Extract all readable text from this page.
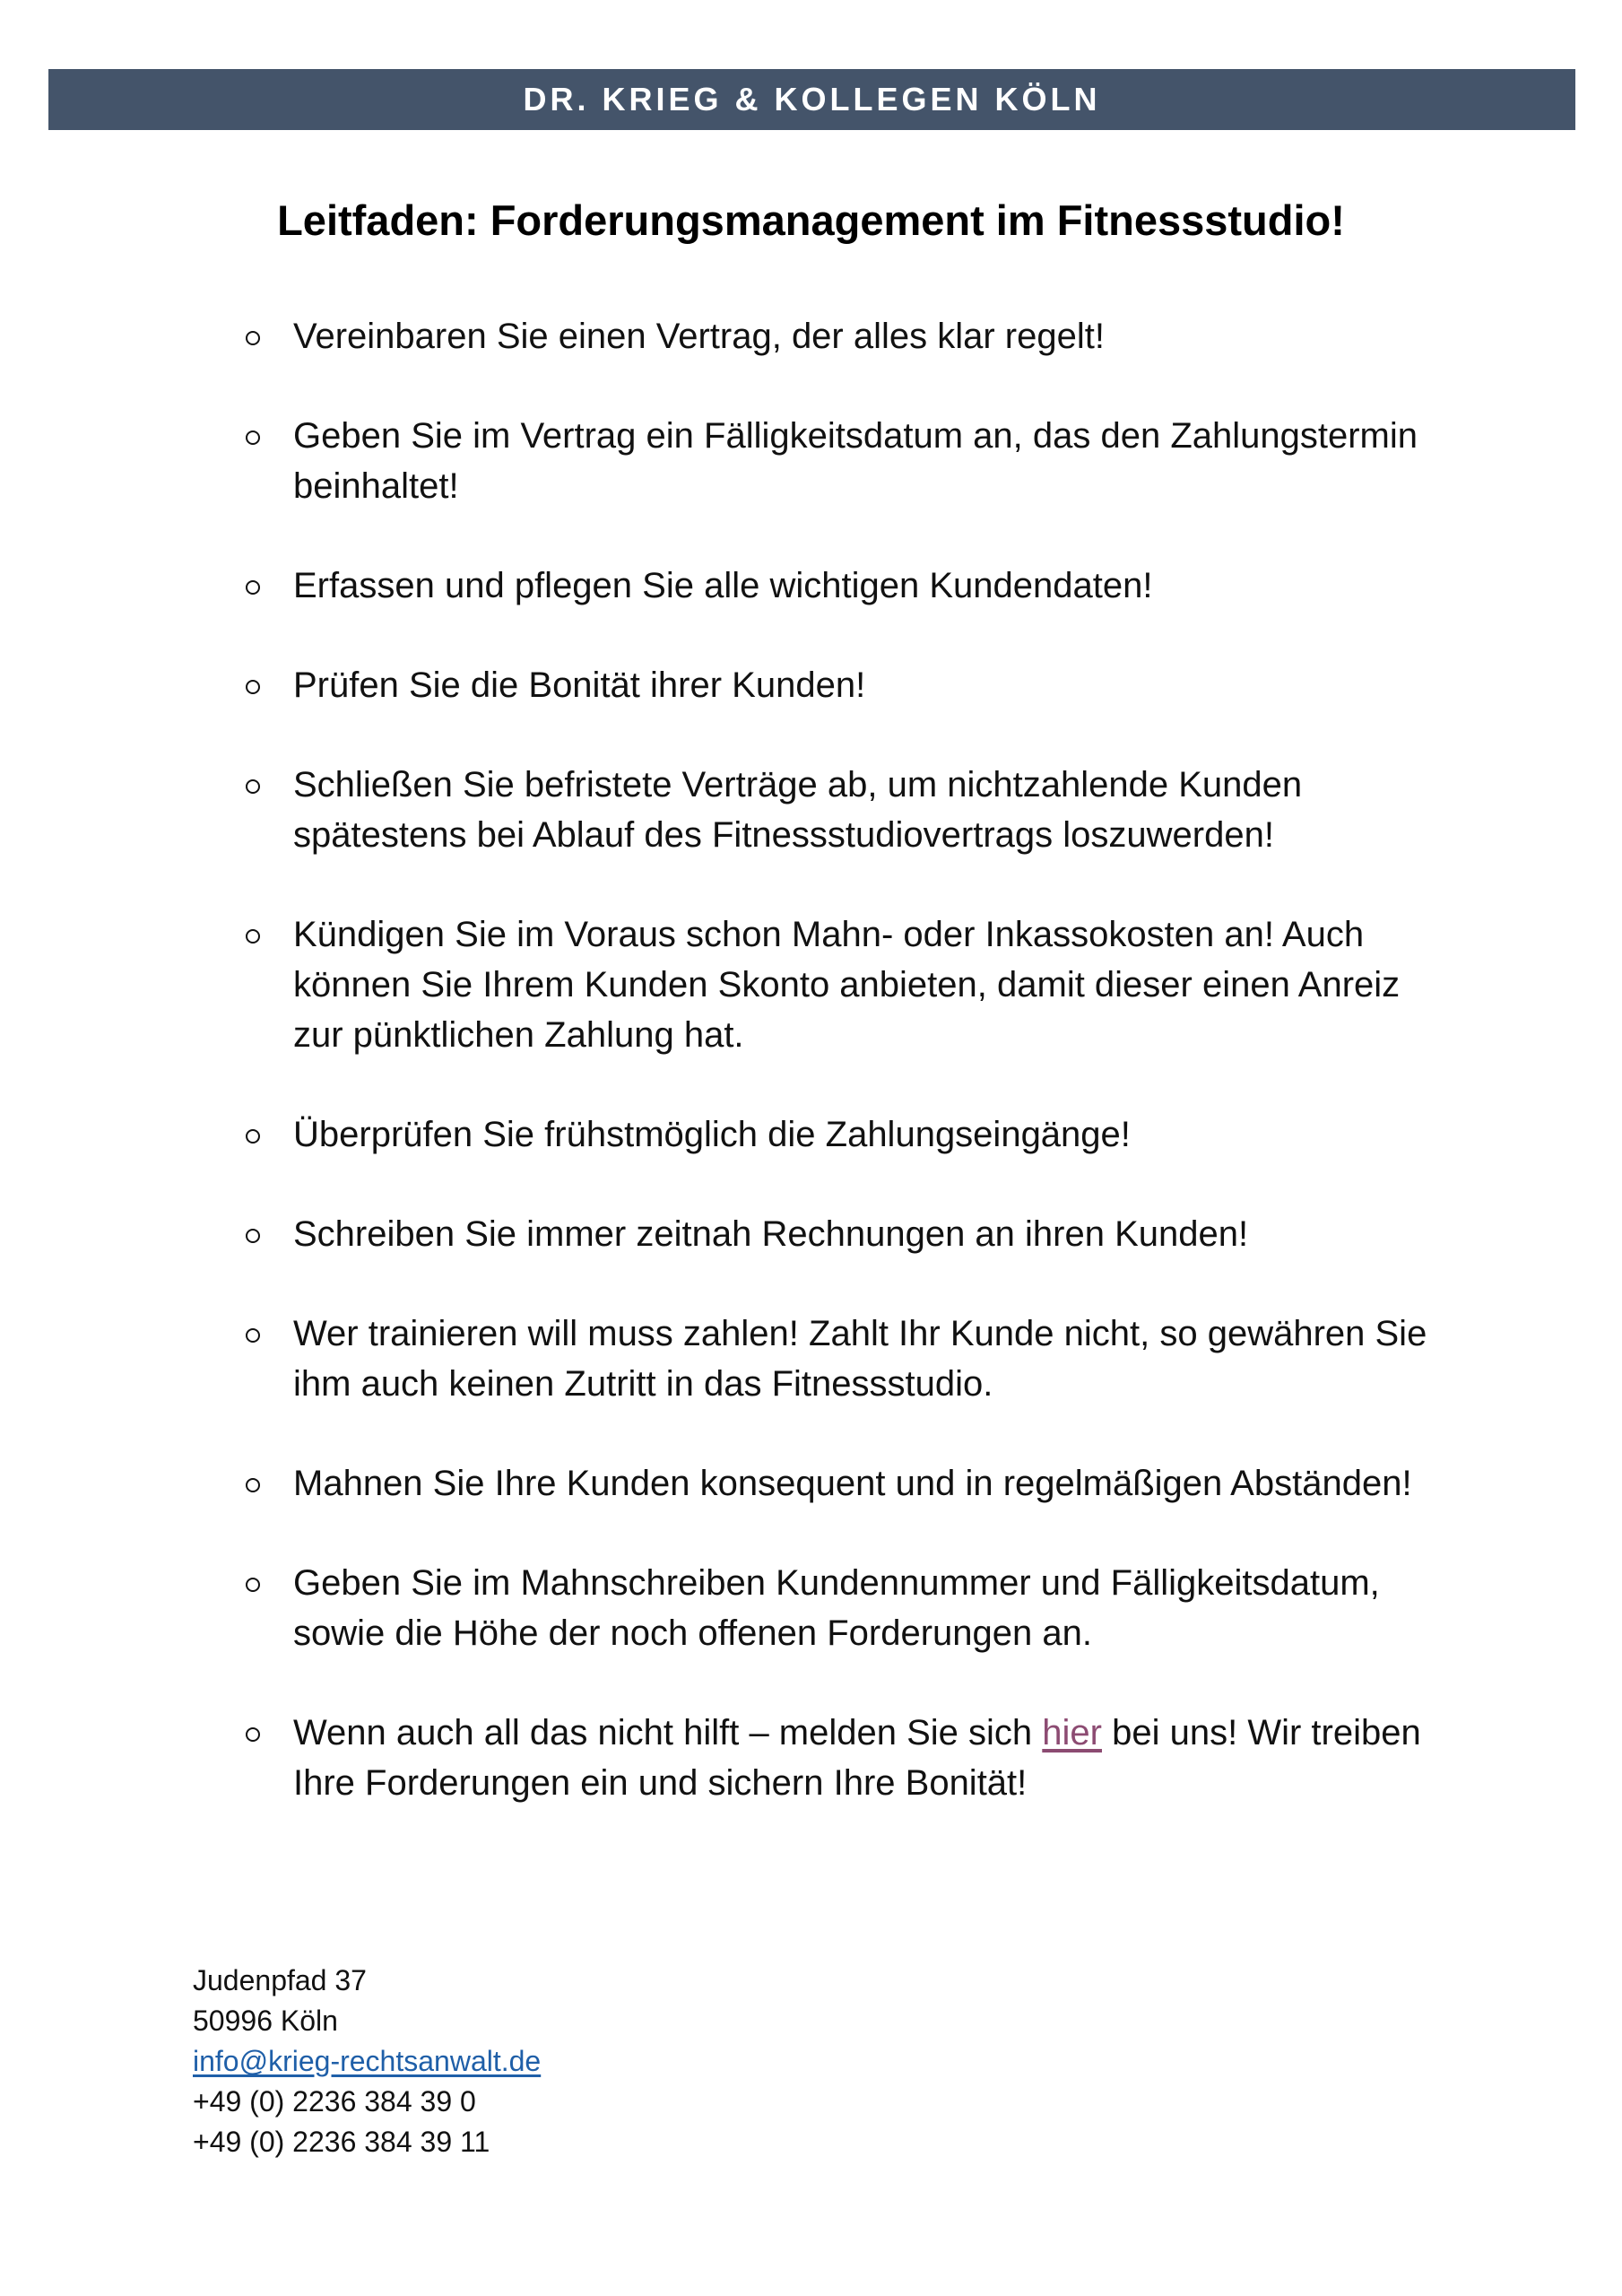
DR. KRIEG & KOLLEGEN KÖLN
Leitfaden: Forderungsmanagement im Fitnessstudio!
Vereinbaren Sie einen Vertrag, der alles klar regelt!
Geben Sie im Vertrag ein Fälligkeitsdatum an, das den Zahlungstermin beinhaltet!
Erfassen und pflegen Sie alle wichtigen Kundendaten!
Prüfen Sie die Bonität ihrer Kunden!
Schließen Sie befristete Verträge ab, um nichtzahlende Kunden spätestens bei Ablauf des Fitnessstudiovertrags loszuwerden!
Kündigen Sie im Voraus schon Mahn- oder Inkassokosten an! Auch können Sie Ihrem Kunden Skonto anbieten, damit dieser einen Anreiz zur pünktlichen Zahlung hat.
Überprüfen Sie frühstmöglich die Zahlungseingänge!
Schreiben Sie immer zeitnah Rechnungen an ihren Kunden!
Wer trainieren will muss zahlen! Zahlt Ihr Kunde nicht, so gewähren Sie ihm auch keinen Zutritt in das Fitnessstudio.
Mahnen Sie Ihre Kunden konsequent und in regelmäßigen Abständen!
Geben Sie im Mahnschreiben Kundennummer und Fälligkeitsdatum, sowie die Höhe der noch offenen Forderungen an.
Wenn auch all das nicht hilft – melden Sie sich hier bei uns! Wir treiben Ihre Forderungen ein und sichern Ihre Bonität!
Judenpfad 37
50996 Köln
info@krieg-rechtsanwalt.de
+49 (0) 2236 384 39 0
+49 (0) 2236 384 39 11
